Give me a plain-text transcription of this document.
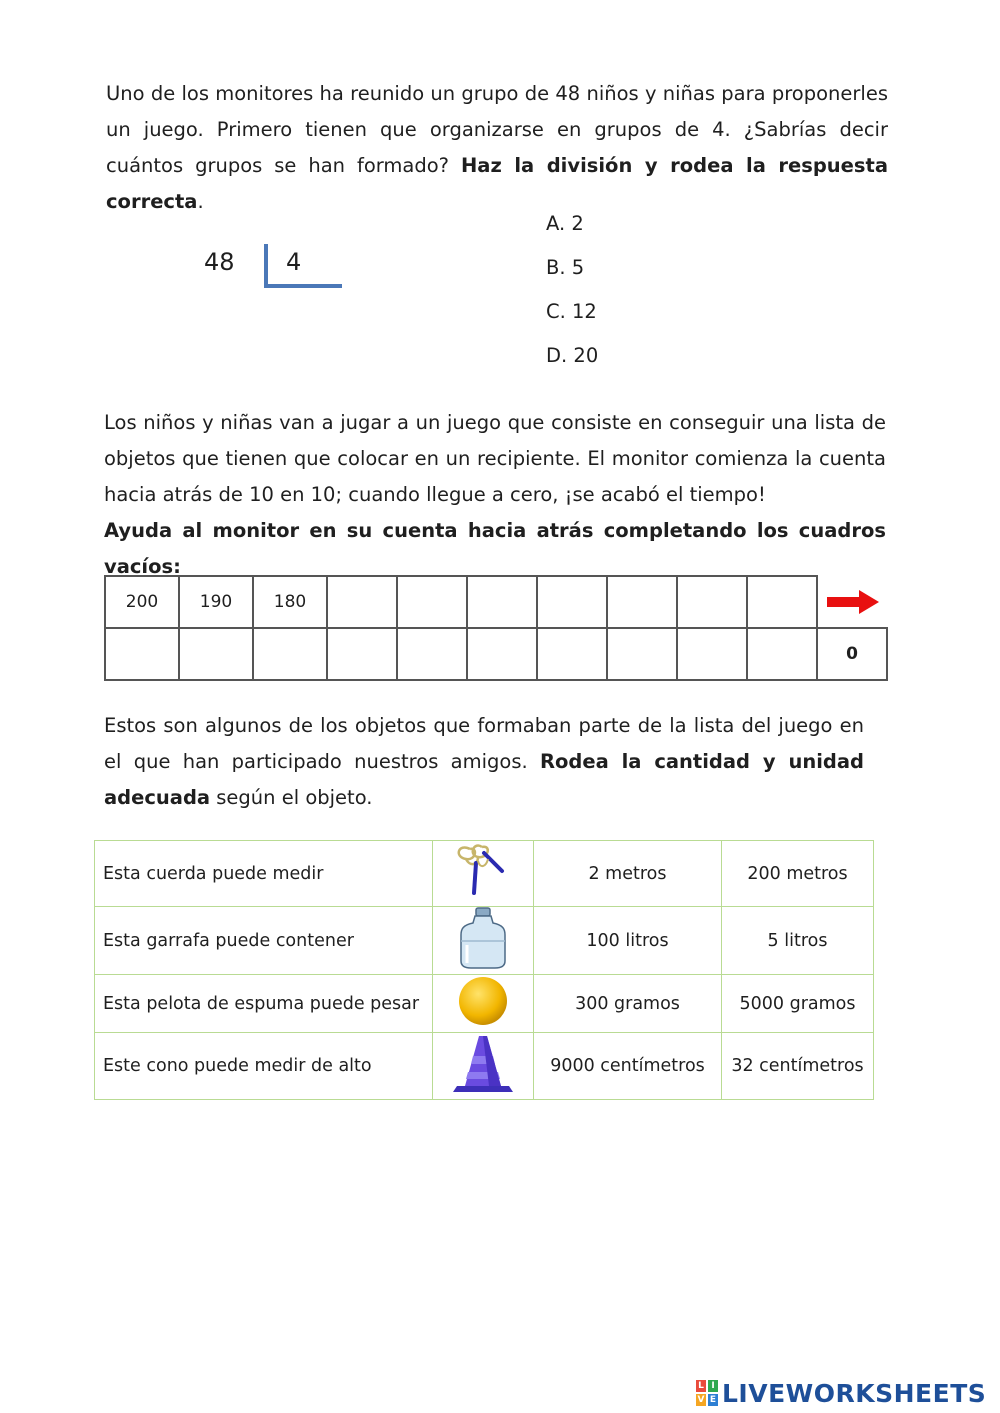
Uno de los monitores ha reunido un grupo de 48 niños y niñas para proponerles un juego. Primero tienen que organizarse en grupos de 4. ¿Sabrías decir cuántos grupos se han formado? Haz la división y rodea la respuesta correcta.

48 4
A. 2
B. 5
C. 12
D. 20

Los niños y niñas van a jugar a un juego que consiste en conseguir una lista de objetos que tienen que colocar en un recipiente. El monitor comienza la cuenta hacia atrás de 10 en 10; cuando llegue a cero, ¡se acabó el tiempo!

Ayuda al monitor en su cuenta hacia atrás completando los cuadros vacíos:

200	190	180								
										0

Estos son algunos de los objetos que formaban parte de la lista del juego en el que han participado nuestros amigos. Rodea la cantidad y unidad adecuada según el objeto.

Esta cuerda puede medir		2 metros	200 metros
Esta garrafa puede contener		100 litros	5 litros
Esta pelota de espuma puede pesar		300 gramos	5000 gramos
Este cono puede medir de alto		9000 centímetros	32 centímetros
L I
V E LIVEWORKSHEETS
